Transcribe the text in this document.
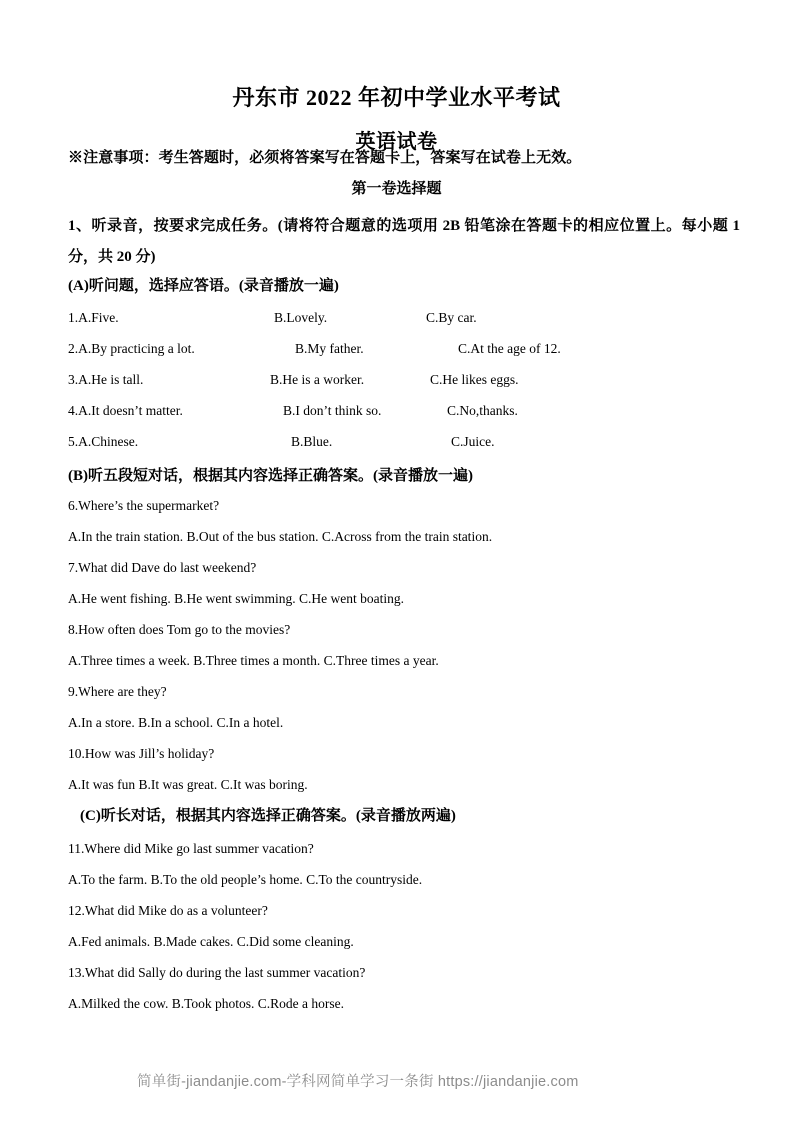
丹东市 2022 年初中学业水平考试
英语试卷
※注意事项：考生答题时，必须将答案写在答题卡上，答案写在试卷上无效。
第一卷选择题
1、听录音，按要求完成任务。(请将符合题意的选项用 2B 铅笔涂在答题卡的相应位置上。每小题 1 分，共 20 分)
(A)听问题，选择应答语。(录音播放一遍)
1.A.Five.	B.Lovely.	C.By car.
2.A.By practicing a lot.	B.My father.	C.At the age of 12.
3.A.He is tall.	B.He is a worker.	C.He likes eggs.
4.A.It doesn’t matter.	B.I don’t think so.	C.No,thanks.
5.A.Chinese.	B.Blue.	C.Juice.
(B)听五段短对话，根据其内容选择正确答案。(录音播放一遍)
6.Where’s the supermarket?
A.In the train station. B.Out of the bus station. C.Across from the train station.
7.What did Dave do last weekend?
A.He went fishing. B.He went swimming. C.He went boating.
8.How often does Tom go to the movies?
A.Three times a week. B.Three times a month. C.Three times a year.
9.Where are they?
A.In a store. B.In a school. C.In a hotel.
10.How was Jill’s holiday?
A.It was fun B.It was great. C.It was boring.
(C)听长对话，根据其内容选择正确答案。(录音播放两遍)
11.Where did Mike go last summer vacation?
A.To the farm. B.To the old people’s home. C.To the countryside.
12.What did Mike do as a volunteer?
A.Fed animals. B.Made cakes. C.Did some cleaning.
13.What did Sally do during the last summer vacation?
A.Milked the cow. B.Took photos. C.Rode a horse.
简单街-jiandanjie.com-学科网简单学习一条街 https://jiandanjie.com
